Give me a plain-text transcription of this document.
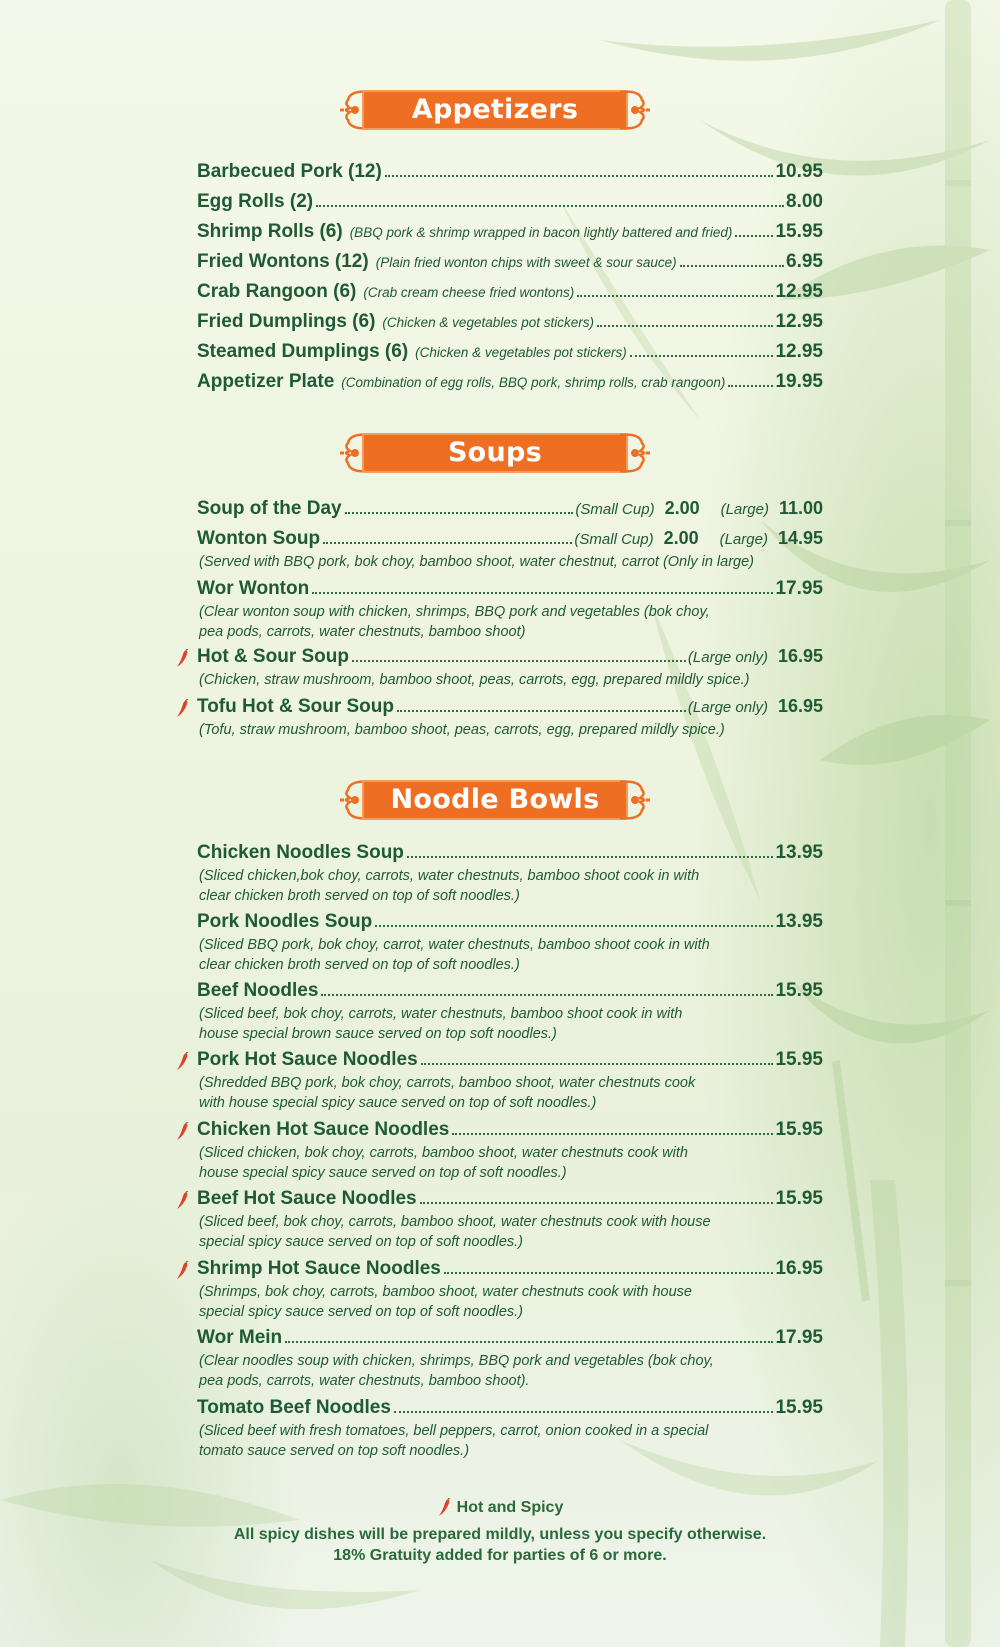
Appetizers
Barbecued Pork (12)	10.95
Egg Rolls (2)	8.00
Shrimp Rolls (6) (BBQ pork & shrimp wrapped in bacon lightly battered and fried) 15.95
Fried Wontons (12) (Plain fried wonton chips with sweet & sour sauce)	6.95
Crab Rangoon (6) (Crab cream cheese fried wontons)	12.95
Fried Dumplings (6) (Chicken & vegetables pot stickers)	12.95
Steamed Dumplings (6) (Chicken & vegetables pot stickers)	12.95
Appetizer Plate (Combination of egg rolls, BBQ pork, shrimp rolls, crab rangoon)	19.95
Soups
Soup of the Day	(Small Cup) 2.00	(Large) 11.00
Wonton Soup	(Small Cup) 2.00	(Large) 14.95
(Served with BBQ pork, bok choy, bamboo shoot, water chestnut, carrot (Only in large)
Wor Wonton	17.95
(Clear wonton soup with chicken, shrimps, BBQ pork and vegetables (bok choy,
pea pods, carrots, water chestnuts, bamboo shoot)
Hot & Sour Soup	(Large only) 16.95
(Chicken, straw mushroom, bamboo shoot, peas, carrots, egg, prepared mildly spice.)
Tofu Hot & Sour Soup	(Large only) 16.95
(Tofu, straw mushroom, bamboo shoot, peas, carrots, egg, prepared mildly spice.)
Noodle Bowls
Chicken Noodles Soup	13.95
(Sliced chicken,bok choy, carrots, water chestnuts, bamboo shoot cook in with
clear chicken broth served on top of soft noodles.)
Pork Noodles Soup	13.95
(Sliced BBQ pork, bok choy, carrot, water chestnuts, bamboo shoot cook in with
clear chicken broth served on top of soft noodles.)
Beef Noodles	15.95
(Sliced beef, bok choy, carrots, water chestnuts, bamboo shoot cook in with
house special brown sauce served on top soft noodles.)
Pork Hot Sauce Noodles	15.95
(Shredded BBQ pork, bok choy, carrots, bamboo shoot, water chestnuts cook
with house special spicy sauce served on top of soft noodles.)
Chicken Hot Sauce Noodles	15.95
(Sliced chicken, bok choy, carrots, bamboo shoot, water chestnuts cook with
house special spicy sauce served on top of soft noodles.)
Beef Hot Sauce Noodles	15.95
(Sliced beef, bok choy, carrots, bamboo shoot, water chestnuts cook with house
special spicy sauce served on top of soft noodles.)
Shrimp Hot Sauce Noodles	16.95
(Shrimps, bok choy, carrots, bamboo shoot, water chestnuts cook with house
special spicy sauce served on top of soft noodles.)
Wor Mein	17.95
(Clear noodles soup with chicken, shrimps, BBQ pork and vegetables (bok choy,
pea pods, carrots, water chestnuts, bamboo shoot).
Tomato Beef Noodles	15.95
(Sliced beef with fresh tomatoes, bell peppers, carrot, onion cooked in a special
tomato sauce served on top soft noodles.)
Hot and Spicy
All spicy dishes will be prepared mildly, unless you specify otherwise.
18% Gratuity added for parties of 6 or more.
